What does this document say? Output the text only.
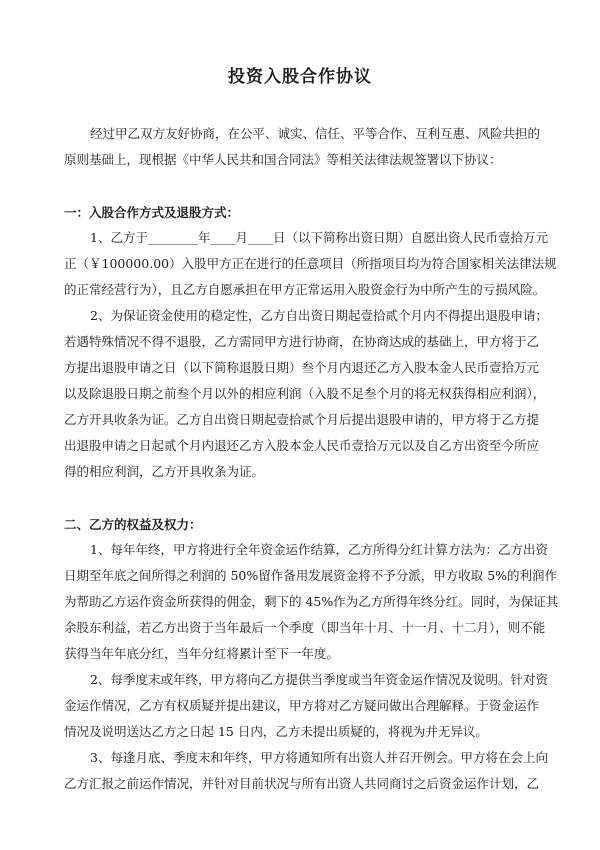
投资入股合作协议
经过甲乙双方友好协商，在公平、诚实、信任、平等合作、互利互惠、风险共担的
原则基础上，现根据《中华人民共和国合同法》等相关法律法规签署以下协议：
一：入股合作方式及退股方式：
1、乙方于________年____月____日（以下简称出资日期）自愿出资人民币壹拾万元
正（￥100000.00）入股甲方正在进行的任意项目（所指项目均为符合国家相关法律法规
的正常经营行为），且乙方自愿承担在甲方正常运用入股资金行为中所产生的亏损风险。
2、为保证资金使用的稳定性，乙方自出资日期起壹拾贰个月内不得提出退股申请；
若遇特殊情况不得不退股，乙方需同甲方进行协商，在协商达成的基础上，甲方将于乙
方提出退股申请之日（以下简称退股日期）叁个月内退还乙方入股本金人民币壹拾万元
以及除退股日期之前叁个月以外的相应利润（入股不足叁个月的将无权获得相应利润），
乙方开具收条为证。乙方自出资日期起壹拾贰个月后提出退股申请的，甲方将于乙方提
出退股申请之日起贰个月内退还乙方入股本金人民币壹拾万元以及自乙方出资至今所应
得的相应利润，乙方开具收条为证。
二、乙方的权益及权力：
1、每年年终，甲方将进行全年资金运作结算，乙方所得分红计算方法为：乙方出资
日期至年底之间所得之利润的 50%留作备用发展资金将不予分派，甲方收取 5%的利润作
为帮助乙方运作资金所获得的佣金，剩下的 45%作为乙方所得年终分红。同时，为保证其
余股东利益，若乙方出资于当年最后一个季度（即当年十月、十一月、十二月），则不能
获得当年年底分红，当年分红将累计至下一年度。
2、每季度末或年终，甲方将向乙方提供当季度或当年资金运作情况及说明。针对资
金运作情况，乙方有权质疑并提出建议，甲方将对乙方疑问做出合理解释。于资金运作
情况及说明送达乙方之日起 15 日内，乙方未提出质疑的，将视为并无异议。
3、每逢月底、季度末和年终，甲方将通知所有出资人并召开例会。甲方将在会上向
乙方汇报之前运作情况，并针对目前状况与所有出资人共同商讨之后资金运作计划，乙
